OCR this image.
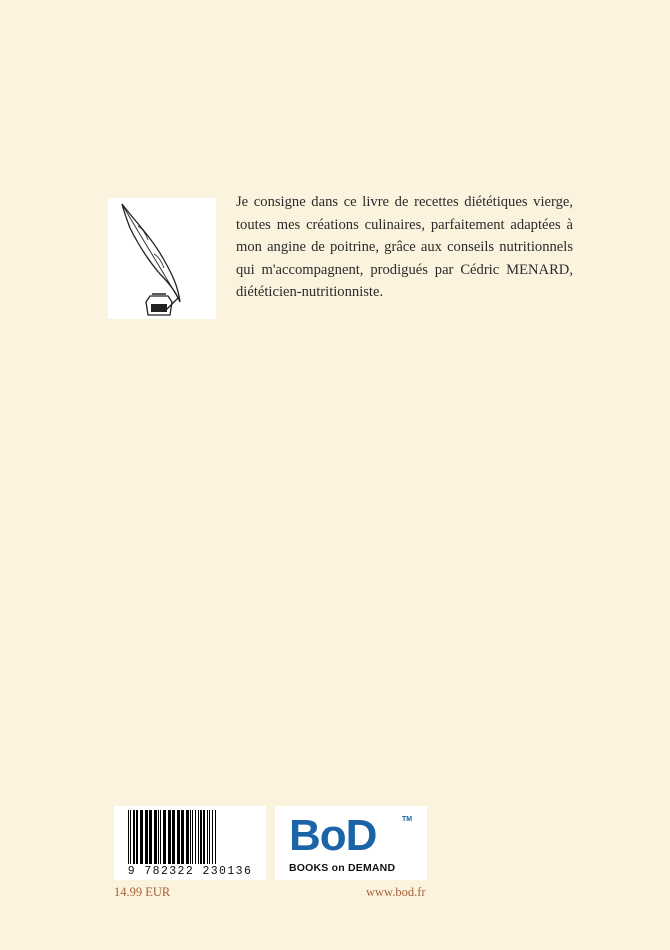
Je consigne dans ce livre de recettes diététiques vierge, toutes mes créations culinaires, parfaitement adaptées à mon angine de poitrine, grâce aux conseils nutritionnels qui m'accompagnent, prodigués par Cédric MENARD, diététicien-nutritionniste.

9 782322 230136
BoD	TM
BOOKS on DEMAND
14.99 EUR	www.bod.fr
